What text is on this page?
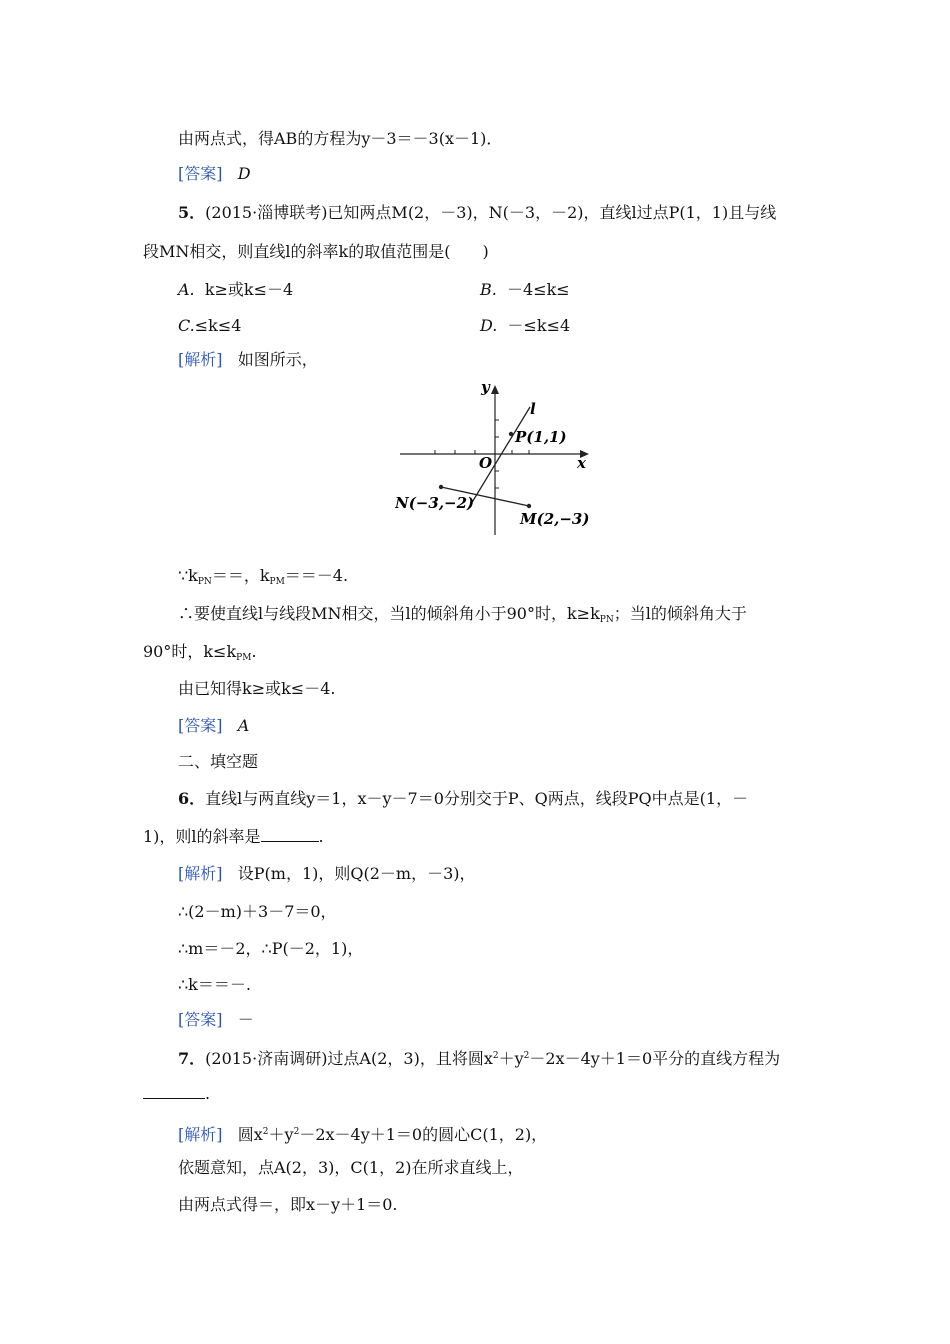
由两点式，得AB的方程为y－3＝－3(x－1)．
[答案] D
5．(2015·淄博联考)已知两点M(2，－3)，N(－3，－2)，直线l过点P(1，1)且与线
段MN相交，则直线l的斜率k的取值范围是(　　)
A. k≥或k≤－4	B. －4≤k≤
C.≤k≤4	D. －≤k≤4
[解析] 如图所示，
y
x
O
l
P(1,1)
N(−3,−2)
M(2,−3)
$\because k_{PN}==$，$k_{PM}==-4$.
∴要使直线l与线段MN相交，当l的倾斜角小于90°时，$k\ge k_{PN}$；当l的倾斜角大于
90°时，$k\le k_{PM}$.
由已知得k≥或k≤－4.
[答案] A
二、填空题
6．直线l与两直线y＝1，x－y－7＝0分别交于P、Q两点，线段PQ中点是(1，－
1)，则l的斜率是	.
[解析] 设P(m，1)，则Q(2－m，－3)，
∴(2－m)＋3－7＝0，
∴m＝－2，∴P(－2，1)，
∴k＝＝－.
[答案] －
7．(2015·济南调研)过点A(2，3)，且将圆$x^2+y^2-2x-4y+1=0$平分的直线方程为
.
[解析] 圆$x^2+y^2-2x-4y+1=0$的圆心C(1，2)，
依题意知，点A(2，3)，C(1，2)在所求直线上，
由两点式得＝，即x－y＋1＝0.
